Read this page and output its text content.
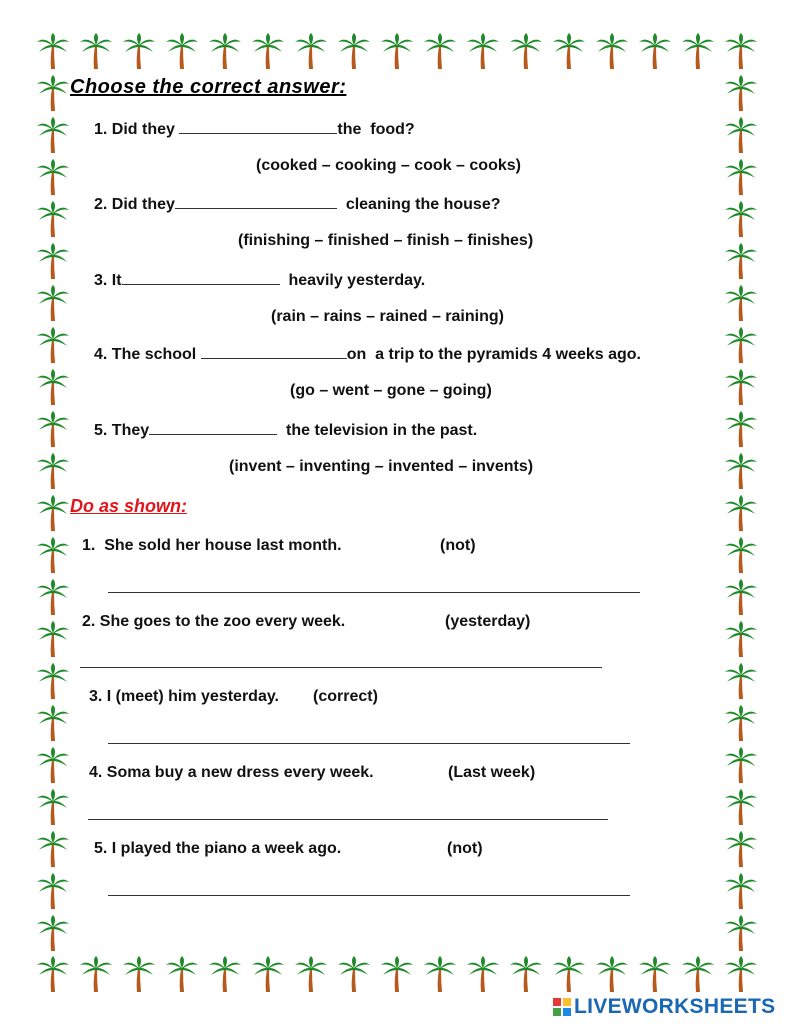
Choose the correct answer:
1. Did they	the  food?
(cooked – cooking – cook – cooks)
2. Did they	cleaning the house?
(finishing – finished – finish – finishes)
3. It	heavily yesterday.
(rain – rains – rained – raining)
4. The school	on  a trip to the pyramids 4 weeks ago.
(go – went – gone – going)
5. They	the television in the past.
(invent – inventing – invented – invents)
Do as shown:
1.  She sold her house last month.	(not)
2. She goes to the zoo every week.	(yesterday)
3. I (meet) him yesterday. (correct)
4. Soma buy a new dress every week.	(Last week)
5. I played the piano a week ago.	(not)
LIVEWORKSHEETS
